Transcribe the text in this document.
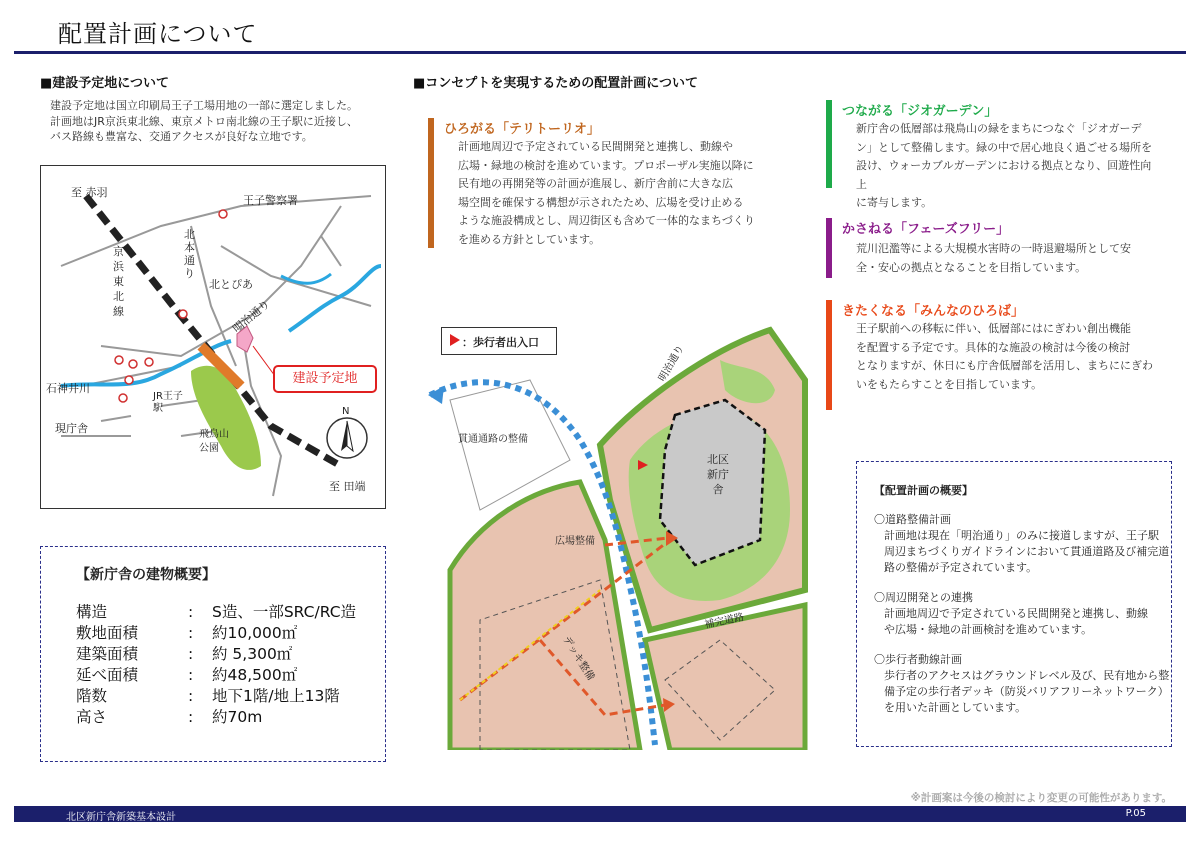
配置計画について
■建設予定地について
建設予定地は国立印刷局王子工場用地の一部に選定しました。
計画地はJR京浜東北線、東京メトロ南北線の王子駅に近接し、
バス路線も豊富な、交通アクセスが良好な立地です。
至 赤羽
王子警察署
北本通り
京浜東北線
北とぴあ
明治通り
石神井川
JR王子駅
現庁舎	飛鳥山公園
N
至 田端
建設予定地
【新庁舎の建物概要】
構造	:	S造、一部SRC/RC造
敷地面積	:	約10,000㎡
建築面積	:	約 5,300㎡
延べ面積	:	約48,500㎡
階数	:	地下1階/地上13階
高さ	:	約70m
■コンセプトを実現するための配置計画について
ひろがる「テリトーリオ」
計画地周辺で予定されている民間開発と連携し、動線や
広場・緑地の検討を進めています。プロポーザル実施以降に
民有地の再開発等の計画が進展し、新庁舎前に大きな広
場空間を確保する構想が示されたため、広場を受け止める
ような施設構成とし、周辺街区も含めて一体的なまちづくり
を進める方針としています。
つながる「ジオガーデン」
新庁舎の低層部は飛鳥山の緑をまちにつなぐ「ジオガーデ
ン」として整備します。緑の中で居心地良く過ごせる場所を
設け、ウォーカブルガーデンにおける拠点となり、回遊性向上
に寄与します。
かさねる「フェーズフリー」
荒川氾濫等による大規模水害時の一時退避場所として安
全・安心の拠点となることを目指しています。
きたくなる「みんなのひろば」
王子駅前への移転に伴い、低層部にはにぎわい創出機能
を配置する予定です。具体的な施設の検討は今後の検討
となりますが、休日にも庁舎低層部を活用し、まちににぎわ
いをもたらすことを目指しています。
明治通り
貫通通路の整備
広場整備
デッキ整備
補完道路
北区新庁舎
：歩行者出入口
【配置計画の概要】
〇道路整備計画
計画地は現在「明治通り」のみに接道しますが、王子駅
周辺まちづくりガイドラインにおいて貫通道路及び補完道
路の整備が予定されています。
〇周辺開発との連携
計画地周辺で予定されている民間開発と連携し、動線
や広場・緑地の計画検討を進めています。
〇歩行者動線計画
歩行者のアクセスはグラウンドレベル及び、民有地から整
備予定の歩行者デッキ（防災バリアフリーネットワーク）
を用いた計画としています。
※計画案は今後の検討により変更の可能性があります。
北区新庁舎新築基本設計	P.05
